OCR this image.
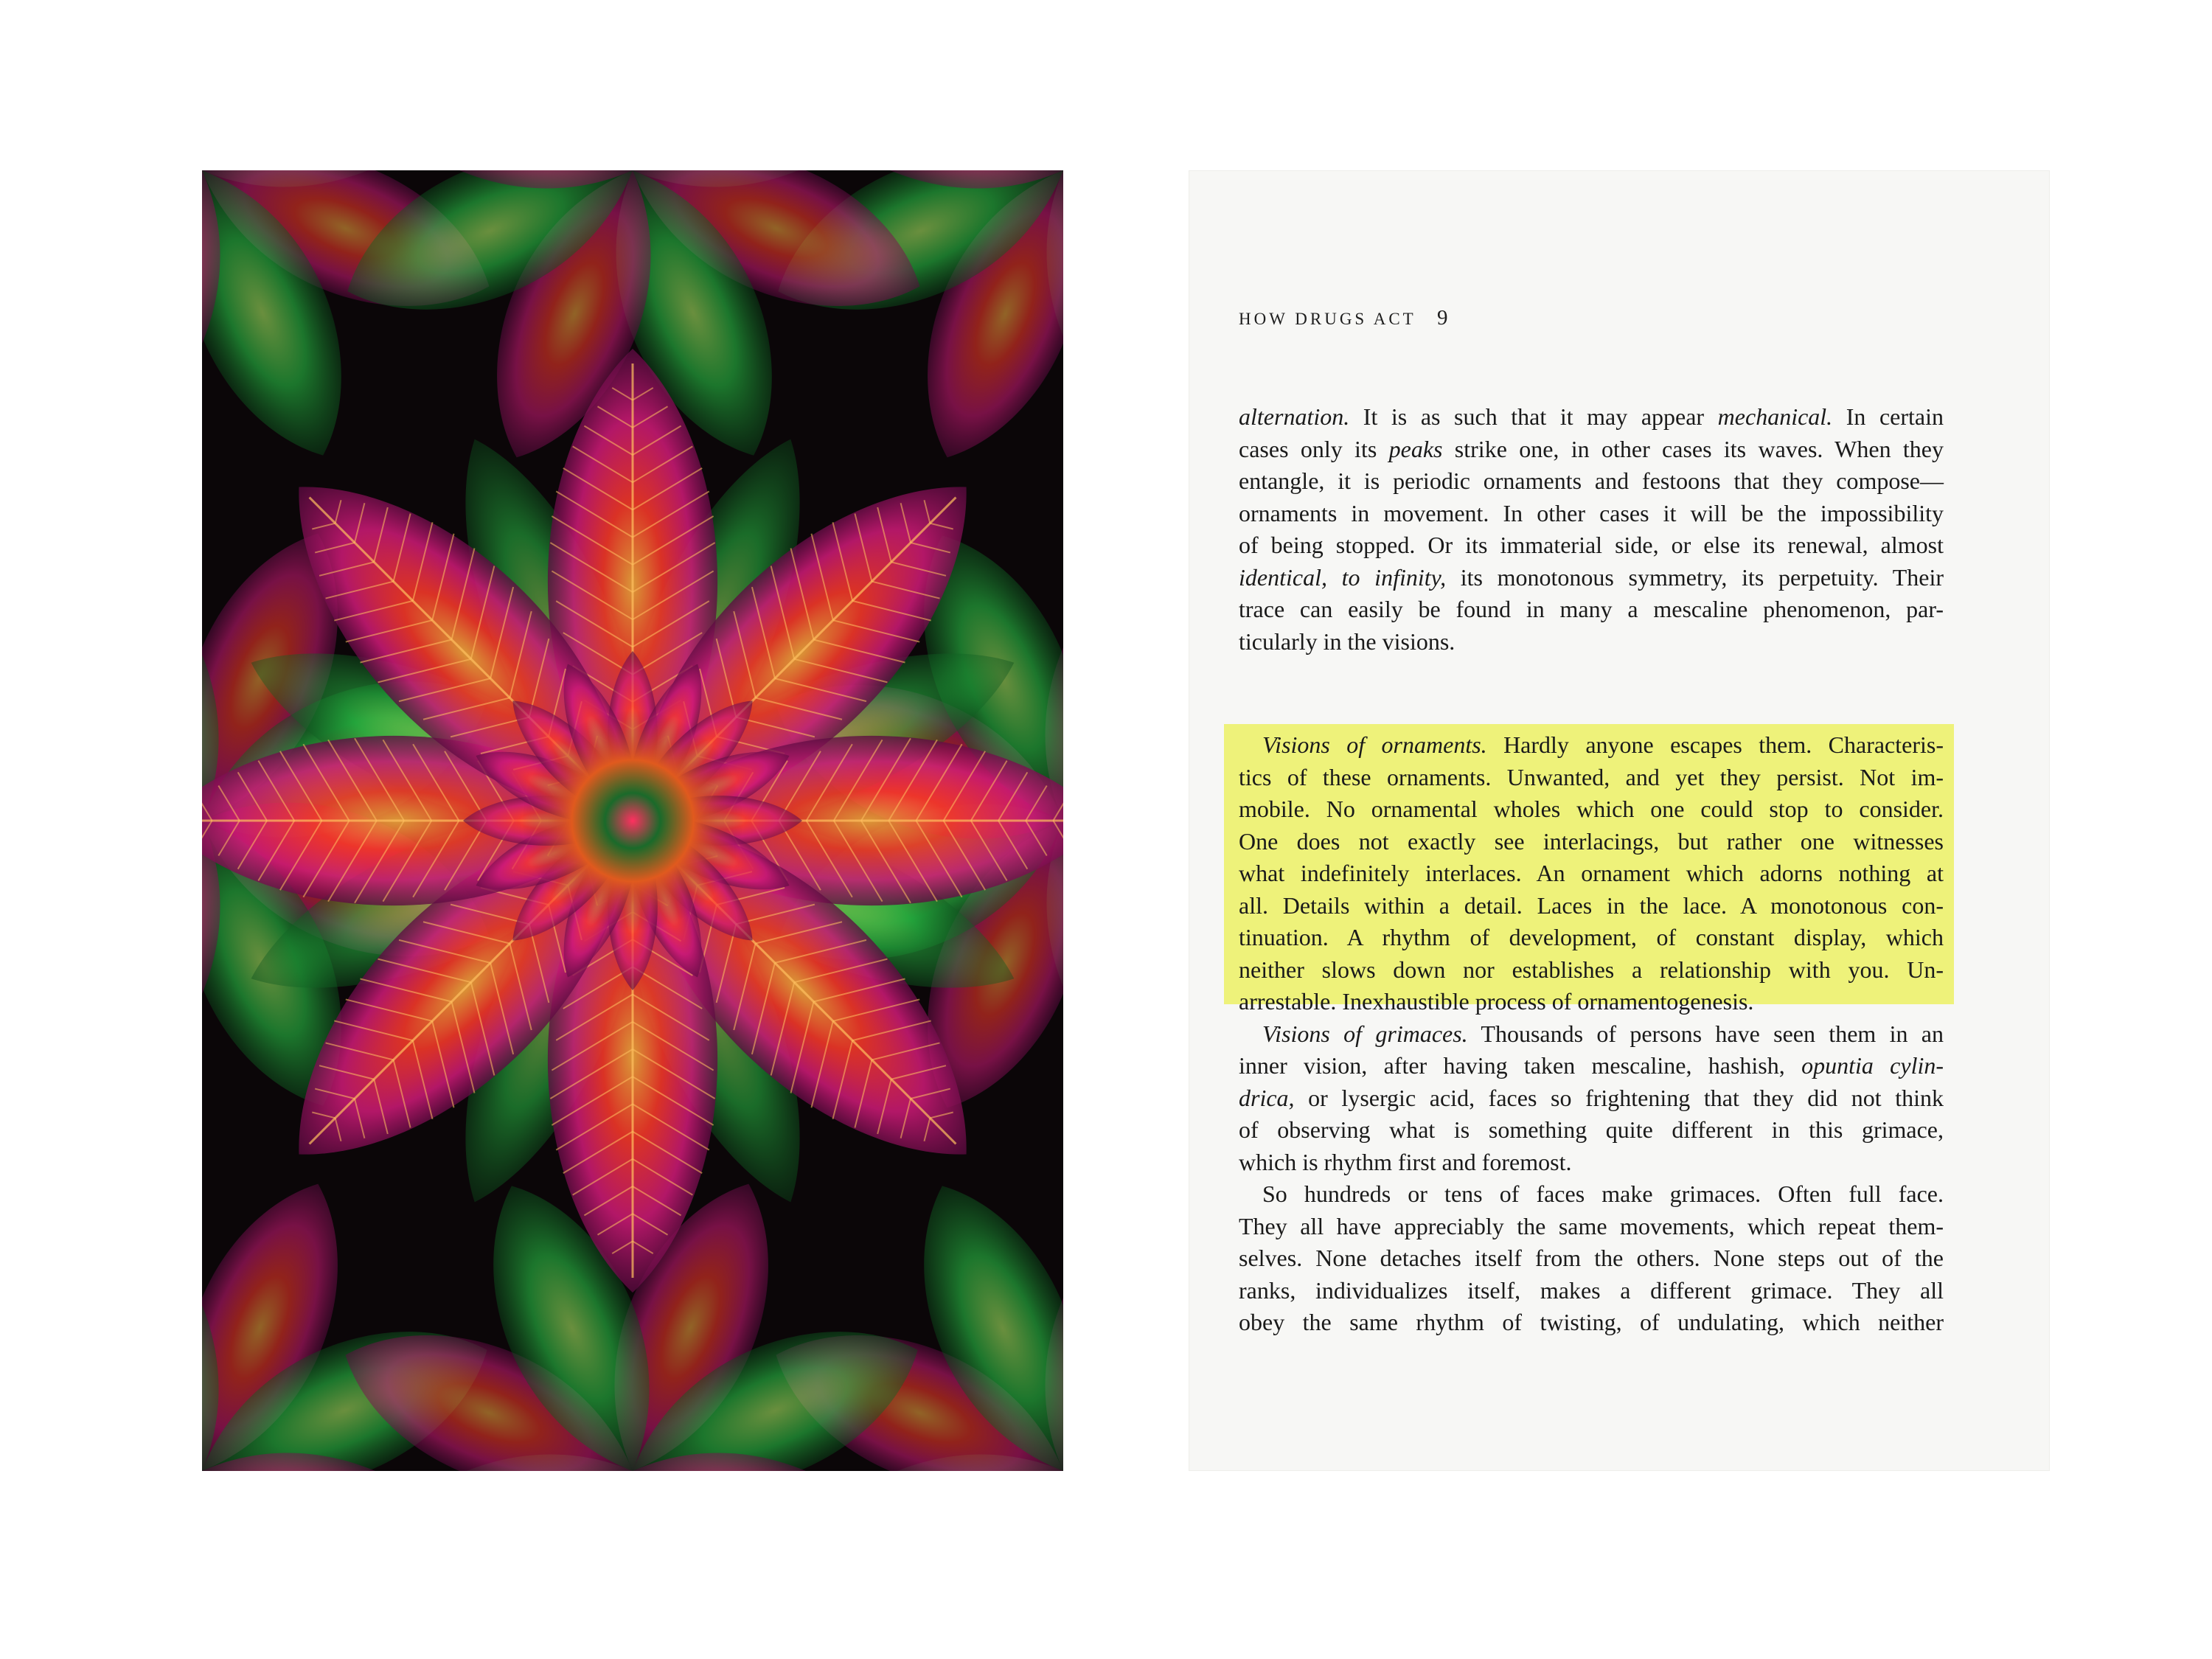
HOW DRUGS ACT 9
alternation. It is as such that it may appear mechanical. In certain
cases only its peaks strike one, in other cases its waves. When they
entangle, it is periodic ornaments and festoons that they compose—
ornaments in movement. In other cases it will be the impossibility
of being stopped. Or its immaterial side, or else its renewal, almost
identical, to infinity, its monotonous symmetry, its perpetuity. Their
trace can easily be found in many a mescaline phenomenon, par-
ticularly in the visions.
Visions of ornaments. Hardly anyone escapes them. Characteris-
tics of these ornaments. Unwanted, and yet they persist. Not im-
mobile. No ornamental wholes which one could stop to consider.
One does not exactly see interlacings, but rather one witnesses
what indefinitely interlaces. An ornament which adorns nothing at
all. Details within a detail. Laces in the lace. A monotonous con-
tinuation. A rhythm of development, of constant display, which
neither slows down nor establishes a relationship with you. Un-
arrestable. Inexhaustible process of ornamentogenesis.
Visions of grimaces. Thousands of persons have seen them in an
inner vision, after having taken mescaline, hashish, opuntia cylin-
drica, or lysergic acid, faces so frightening that they did not think
of observing what is something quite different in this grimace,
which is rhythm first and foremost.
So hundreds or tens of faces make grimaces. Often full face.
They all have appreciably the same movements, which repeat them-
selves. None detaches itself from the others. None steps out of the
ranks, individualizes itself, makes a different grimace. They all
obey the same rhythm of twisting, of undulating, which neither
